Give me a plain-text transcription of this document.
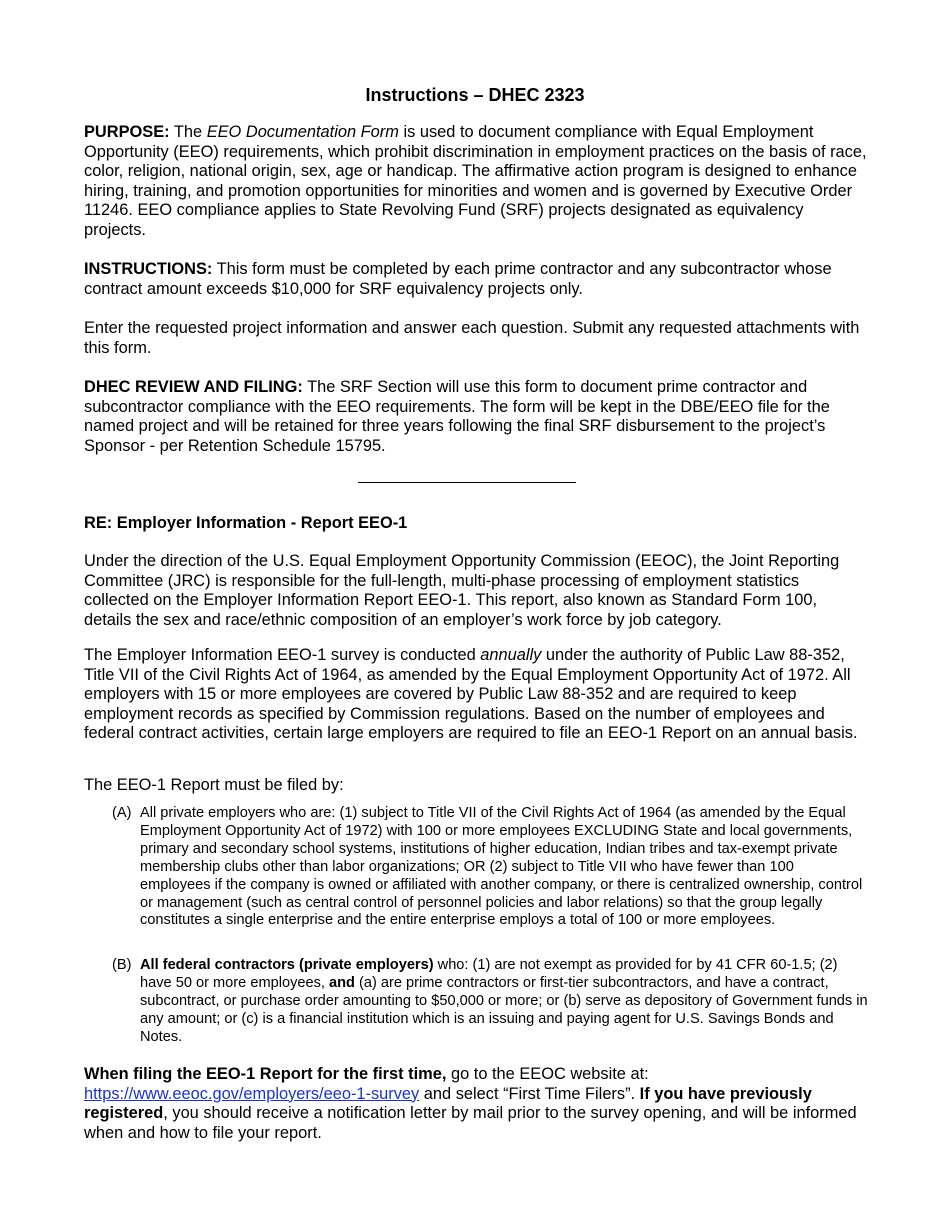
Instructions – DHEC 2323

PURPOSE: The EEO Documentation Form is used to document compliance with Equal Employment Opportunity (EEO) requirements, which prohibit discrimination in employment practices on the basis of race, color, religion, national origin, sex, age or handicap. The affirmative action program is designed to enhance hiring, training, and promotion opportunities for minorities and women and is governed by Executive Order 11246. EEO compliance applies to State Revolving Fund (SRF) projects designated as equivalency projects.

INSTRUCTIONS: This form must be completed by each prime contractor and any subcontractor whose contract amount exceeds $10,000 for SRF equivalency projects only.

Enter the requested project information and answer each question. Submit any requested attachments with this form.

DHEC REVIEW AND FILING: The SRF Section will use this form to document prime contractor and subcontractor compliance with the EEO requirements. The form will be kept in the DBE/EEO file for the named project and will be retained for three years following the final SRF disbursement to the project’s Sponsor - per Retention Schedule 15795.

RE: Employer Information - Report EEO-1

Under the direction of the U.S. Equal Employment Opportunity Commission (EEOC), the Joint Reporting Committee (JRC) is responsible for the full-length, multi-phase processing of employment statistics collected on the Employer Information Report EEO-1. This report, also known as Standard Form 100, details the sex and race/ethnic composition of an employer’s work force by job category.

The Employer Information EEO-1 survey is conducted annually under the authority of Public Law 88-352, Title VII of the Civil Rights Act of 1964, as amended by the Equal Employment Opportunity Act of 1972. All employers with 15 or more employees are covered by Public Law 88-352 and are required to keep employment records as specified by Commission regulations. Based on the number of employees and federal contract activities, certain large employers are required to file an EEO-1 Report on an annual basis.

The EEO-1 Report must be filed by:

(A) All private employers who are: (1) subject to Title VII of the Civil Rights Act of 1964 (as amended by the Equal Employment Opportunity Act of 1972) with 100 or more employees EXCLUDING State and local governments, primary and secondary school systems, institutions of higher education, Indian tribes and tax-exempt private membership clubs other than labor organizations; OR (2) subject to Title VII who have fewer than 100 employees if the company is owned or affiliated with another company, or there is centralized ownership, control or management (such as central control of personnel policies and labor relations) so that the group legally constitutes a single enterprise and the entire enterprise employs a total of 100 or more employees.
(B) All federal contractors (private employers) who: (1) are not exempt as provided for by 41 CFR 60-1.5; (2) have 50 or more employees, and (a) are prime contractors or first-tier subcontractors, and have a contract, subcontract, or purchase order amounting to $50,000 or more; or (b) serve as depository of Government funds in any amount; or (c) is a financial institution which is an issuing and paying agent for U.S. Savings Bonds and Notes.

When filing the EEO-1 Report for the first time, go to the EEOC website at: https://www.eeoc.gov/employers/eeo-1-survey and select “First Time Filers”. If you have previously registered, you should receive a notification letter by mail prior to the survey opening, and will be informed when and how to file your report.
